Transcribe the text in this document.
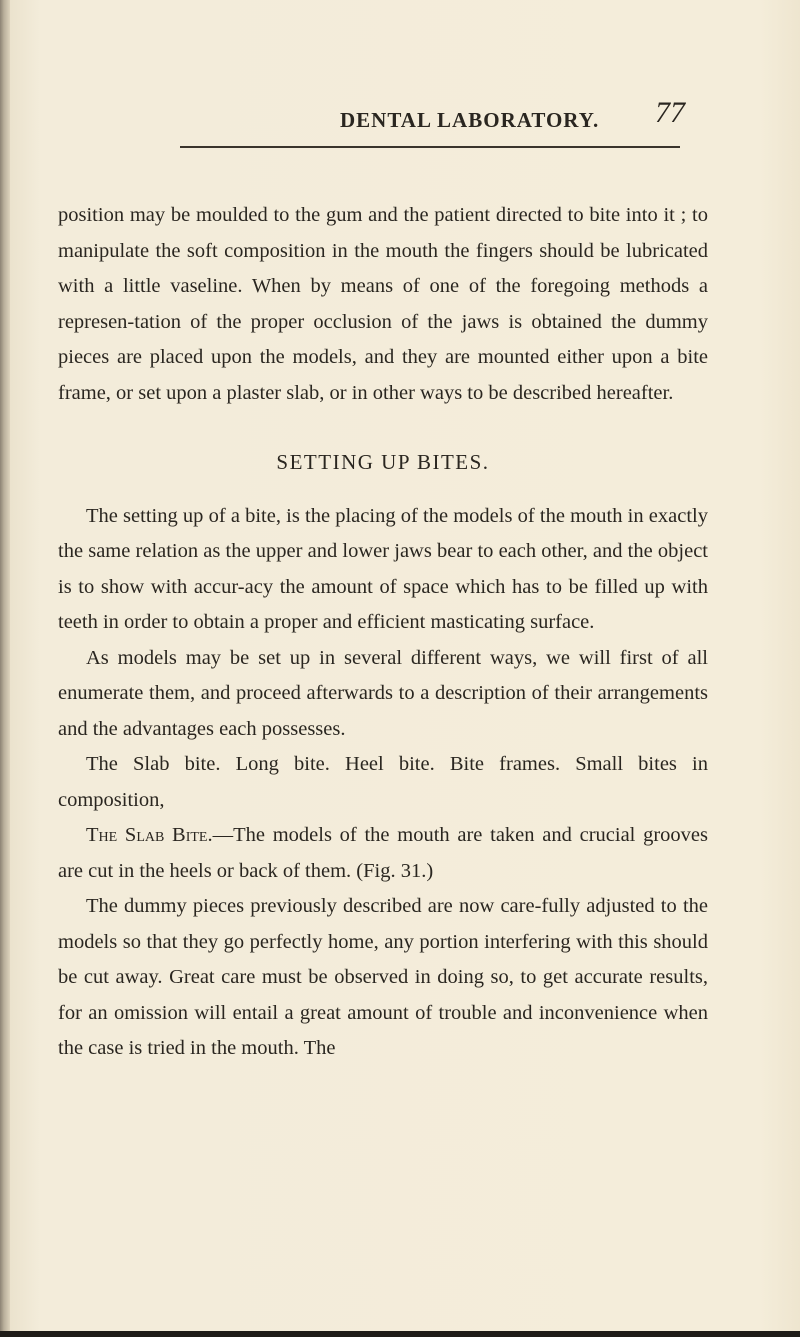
DENTAL LABORATORY. 77

position may be moulded to the gum and the patient directed to bite into it ; to manipulate the soft composition in the mouth the fingers should be lubricated with a little vaseline. When by means of one of the foregoing methods a represen-tation of the proper occlusion of the jaws is obtained the dummy pieces are placed upon the models, and they are mounted either upon a bite frame, or set upon a plaster slab, or in other ways to be described hereafter.

SETTING UP BITES.

The setting up of a bite, is the placing of the models of the mouth in exactly the same relation as the upper and lower jaws bear to each other, and the object is to show with accur-acy the amount of space which has to be filled up with teeth in order to obtain a proper and efficient masticating surface.

As models may be set up in several different ways, we will first of all enumerate them, and proceed afterwards to a description of their arrangements and the advantages each possesses.

The Slab bite. Long bite. Heel bite. Bite frames. Small bites in composition,

The Slab Bite.—The models of the mouth are taken and crucial grooves are cut in the heels or back of them. (Fig. 31.)

The dummy pieces previously described are now care-fully adjusted to the models so that they go perfectly home, any portion interfering with this should be cut away. Great care must be observed in doing so, to get accurate results, for an omission will entail a great amount of trouble and inconvenience when the case is tried in the mouth. The
